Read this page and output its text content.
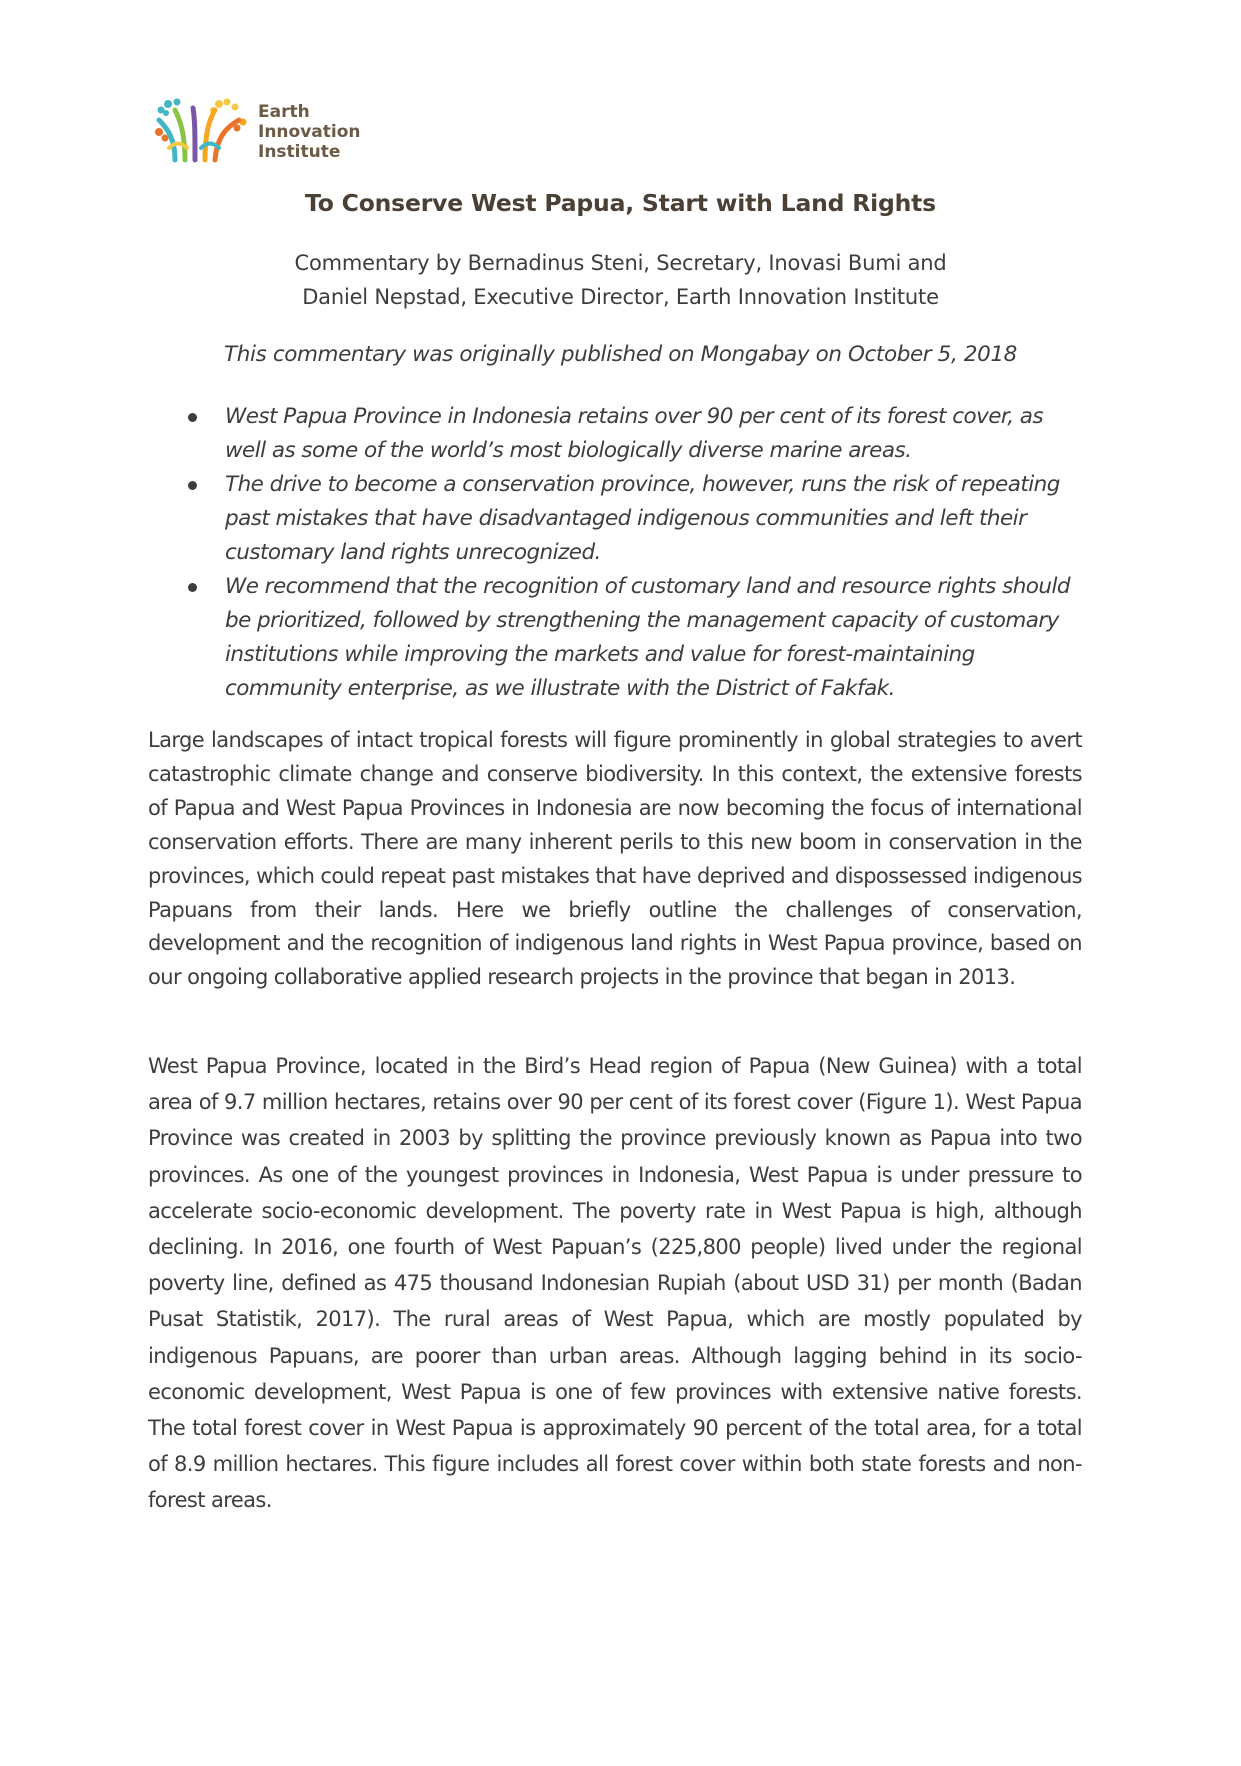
Earth
Innovation
Institute
To Conserve West Papua, Start with Land Rights
Commentary by Bernadinus Steni, Secretary, Inovasi Bumi and
Daniel Nepstad, Executive Director, Earth Innovation Institute
This commentary was originally published on Mongabay on October 5, 2018
West Papua Province in Indonesia retains over 90 per cent of its forest cover, as well as some of the world’s most biologically diverse marine areas.
The drive to become a conservation province, however, runs the risk of repeating past mistakes that have disadvantaged indigenous communities and left their customary land rights unrecognized.
We recommend that the recognition of customary land and resource rights should be prioritized, followed by strengthening the management capacity of customary institutions while improving the markets and value for forest-maintaining community enterprise, as we illustrate with the District of Fakfak.

Large landscapes of intact tropical forests will figure prominently in global strategies to avert catastrophic climate change and conserve biodiversity. In this context, the extensive forests of Papua and West Papua Provinces in Indonesia are now becoming the focus of international conservation efforts. There are many inherent perils to this new boom in conservation in the provinces, which could repeat past mistakes that have deprived and dispossessed indigenous Papuans from their lands. Here we briefly outline the challenges of conservation, development and the recognition of indigenous land rights in West Papua province, based on our ongoing collaborative applied research projects in the province that began in 2013.

West Papua Province, located in the Bird’s Head region of Papua (New Guinea) with a total area of 9.7 million hectares, retains over 90 per cent of its forest cover (Figure 1). West Papua Province was created in 2003 by splitting the province previously known as Papua into two provinces. As one of the youngest provinces in Indonesia, West Papua is under pressure to accelerate socio-economic development. The poverty rate in West Papua is high, although declining. In 2016, one fourth of West Papuan’s (225,800 people) lived under the regional poverty line, defined as 475 thousand Indonesian Rupiah (about USD 31) per month (Badan Pusat Statistik, 2017). The rural areas of West Papua, which are mostly populated by indigenous Papuans, are poorer than urban areas. Although lagging behind in its socio-economic development, West Papua is one of few provinces with extensive native forests. The total forest cover in West Papua is approximately 90 percent of the total area, for a total of 8.9 million hectares. This figure includes all forest cover within both state forests and non-forest areas.
